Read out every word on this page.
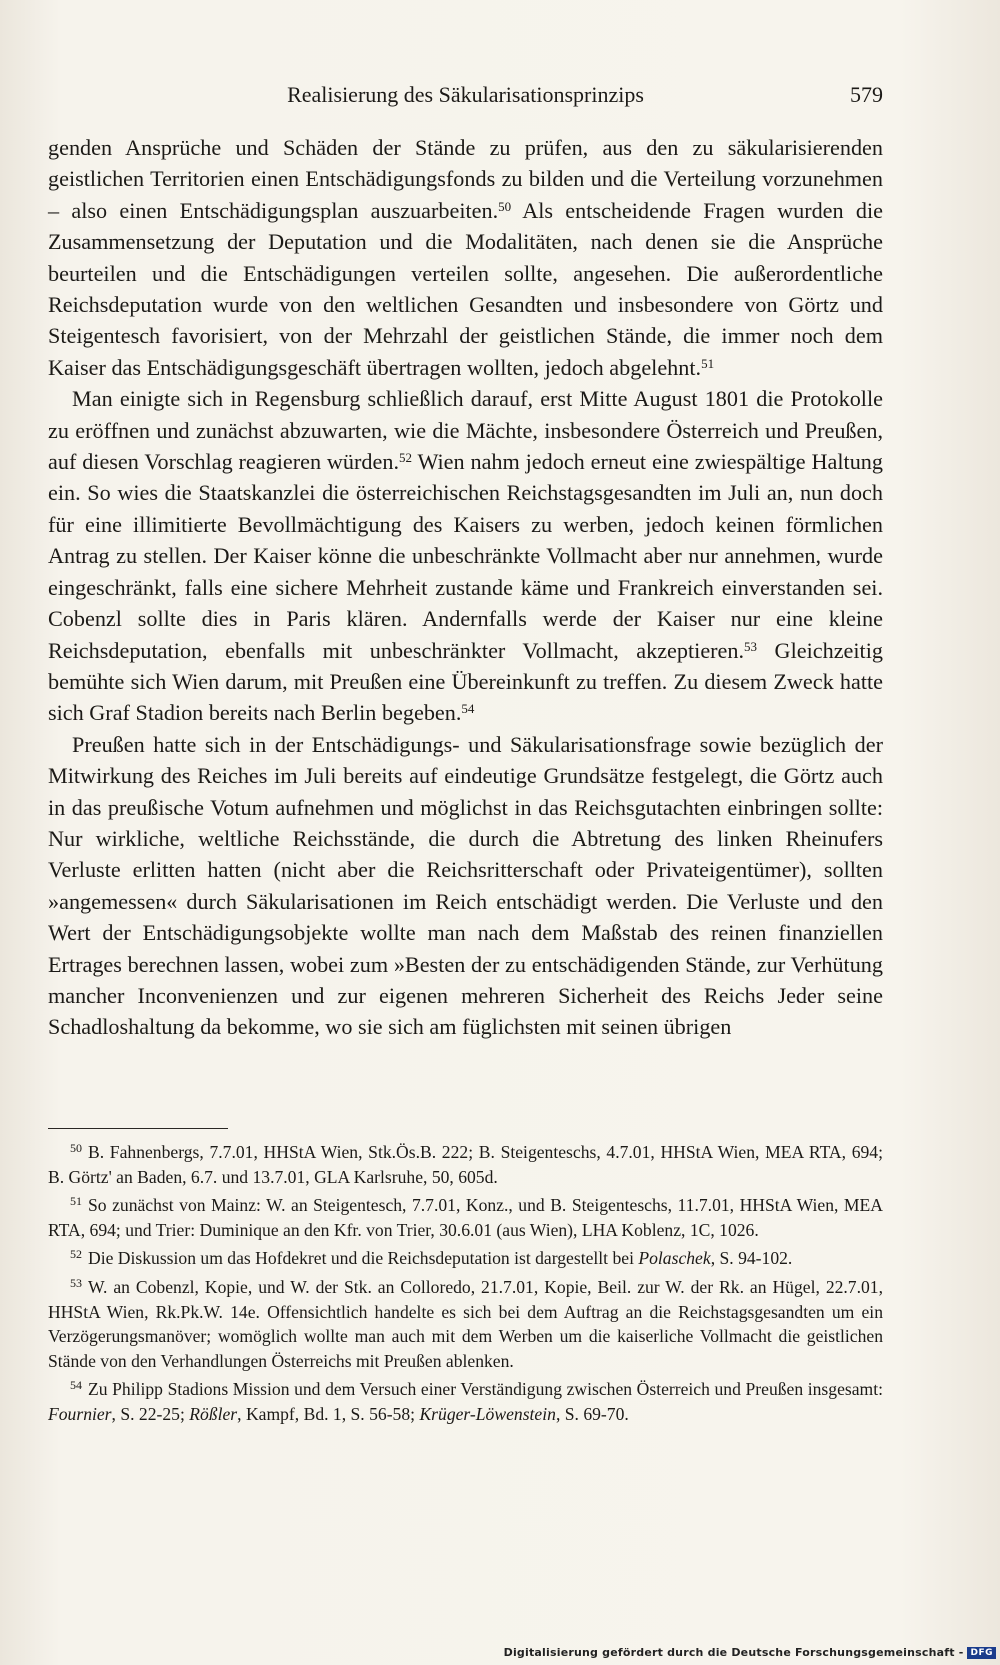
Realisierung des Säkularisationsprinzips	579

genden Ansprüche und Schäden der Stände zu prüfen, aus den zu säkularisierenden geistlichen Territorien einen Entschädigungsfonds zu bilden und die Verteilung vorzunehmen – also einen Entschädigungsplan auszuarbeiten.$^{50}$ Als entscheidende Fragen wurden die Zusammensetzung der Deputation und die Modalitäten, nach denen sie die Ansprüche beurteilen und die Entschädigungen verteilen sollte, angesehen. Die außerordentliche Reichsdeputation wurde von den weltlichen Gesandten und insbesondere von Görtz und Steigentesch favorisiert, von der Mehrzahl der geistlichen Stände, die immer noch dem Kaiser das Entschädigungsgeschäft übertragen wollten, jedoch abgelehnt.$^{51}$

Man einigte sich in Regensburg schließlich darauf, erst Mitte August 1801 die Protokolle zu eröffnen und zunächst abzuwarten, wie die Mächte, insbesondere Österreich und Preußen, auf diesen Vorschlag reagieren würden.$^{52}$ Wien nahm jedoch erneut eine zwiespältige Haltung ein. So wies die Staatskanzlei die österreichischen Reichstagsgesandten im Juli an, nun doch für eine illimitierte Bevollmächtigung des Kaisers zu werben, jedoch keinen förmlichen Antrag zu stellen. Der Kaiser könne die unbeschränkte Vollmacht aber nur annehmen, wurde eingeschränkt, falls eine sichere Mehrheit zustande käme und Frankreich einverstanden sei. Cobenzl sollte dies in Paris klären. Andernfalls werde der Kaiser nur eine kleine Reichsdeputation, ebenfalls mit unbeschränkter Vollmacht, akzeptieren.$^{53}$ Gleichzeitig bemühte sich Wien darum, mit Preußen eine Übereinkunft zu treffen. Zu diesem Zweck hatte sich Graf Stadion bereits nach Berlin begeben.$^{54}$

Preußen hatte sich in der Entschädigungs- und Säkularisationsfrage sowie bezüglich der Mitwirkung des Reiches im Juli bereits auf eindeutige Grundsätze festgelegt, die Görtz auch in das preußische Votum aufnehmen und möglichst in das Reichsgutachten einbringen sollte: Nur wirkliche, weltliche Reichsstände, die durch die Abtretung des linken Rheinufers Verluste erlitten hatten (nicht aber die Reichsritterschaft oder Privateigentümer), sollten »angemessen« durch Säkularisationen im Reich entschädigt werden. Die Verluste und den Wert der Entschädigungsobjekte wollte man nach dem Maßstab des reinen finanziellen Ertrages berechnen lassen, wobei zum »Besten der zu entschädigenden Stände, zur Verhütung mancher Inconvenienzen und zur eigenen mehreren Sicherheit des Reichs Jeder seine Schadloshaltung da bekomme, wo sie sich am füglichsten mit seinen übrigen

$^{50}$ B. Fahnenbergs, 7.7.01, HHStA Wien, Stk.Ös.B. 222; B. Steigenteschs, 4.7.01, HHStA Wien, MEA RTA, 694; B. Görtz' an Baden, 6.7. und 13.7.01, GLA Karlsruhe, 50, 605d.

$^{51}$ So zunächst von Mainz: W. an Steigentesch, 7.7.01, Konz., und B. Steigenteschs, 11.7.01, HHStA Wien, MEA RTA, 694; und Trier: Duminique an den Kfr. von Trier, 30.6.01 (aus Wien), LHA Koblenz, 1C, 1026.

$^{52}$ Die Diskussion um das Hofdekret und die Reichsdeputation ist dargestellt bei Polaschek, S. 94-102.

$^{53}$ W. an Cobenzl, Kopie, und W. der Stk. an Colloredo, 21.7.01, Kopie, Beil. zur W. der Rk. an Hügel, 22.7.01, HHStA Wien, Rk.Pk.W. 14e. Offensichtlich handelte es sich bei dem Auftrag an die Reichstagsgesandten um ein Verzögerungsmanöver; womöglich wollte man auch mit dem Werben um die kaiserliche Vollmacht die geistlichen Stände von den Verhandlungen Österreichs mit Preußen ablenken.

$^{54}$ Zu Philipp Stadions Mission und dem Versuch einer Verständigung zwischen Österreich und Preußen insgesamt: Fournier, S. 22-25; Rößler, Kampf, Bd. 1, S. 56-58; Krüger-Löwenstein, S. 69-70.

Digitalisierung gefördert durch die Deutsche Forschungsgemeinschaft - DFG
